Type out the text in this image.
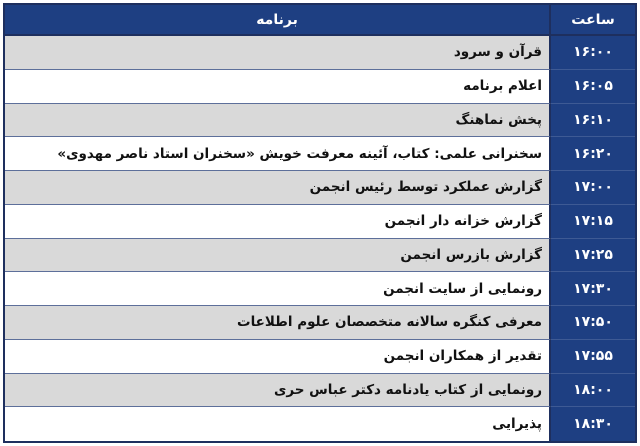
برنامه	ساعت
قرآن و سرود	۱۶:۰۰
اعلام برنامه	۱۶:۰۵
پخش نماهنگ	۱۶:۱۰
سخنرانی علمی: کتاب، آئینه معرفت خویش «سخنران استاد ناصر مهدوی»	۱۶:۲۰
گزارش عملکرد توسط رئیس انجمن	۱۷:۰۰
گزارش خزانه دار انجمن	۱۷:۱۵
گزارش بازرس انجمن	۱۷:۲۵
رونمایی از سایت انجمن	۱۷:۳۰
معرفی کنگره سالانه متخصصان علوم اطلاعات	۱۷:۵۰
تقدیر از همکاران انجمن	۱۷:۵۵
رونمایی از کتاب یادنامه دکتر عباس حری	۱۸:۰۰
پذیرایی	۱۸:۳۰
